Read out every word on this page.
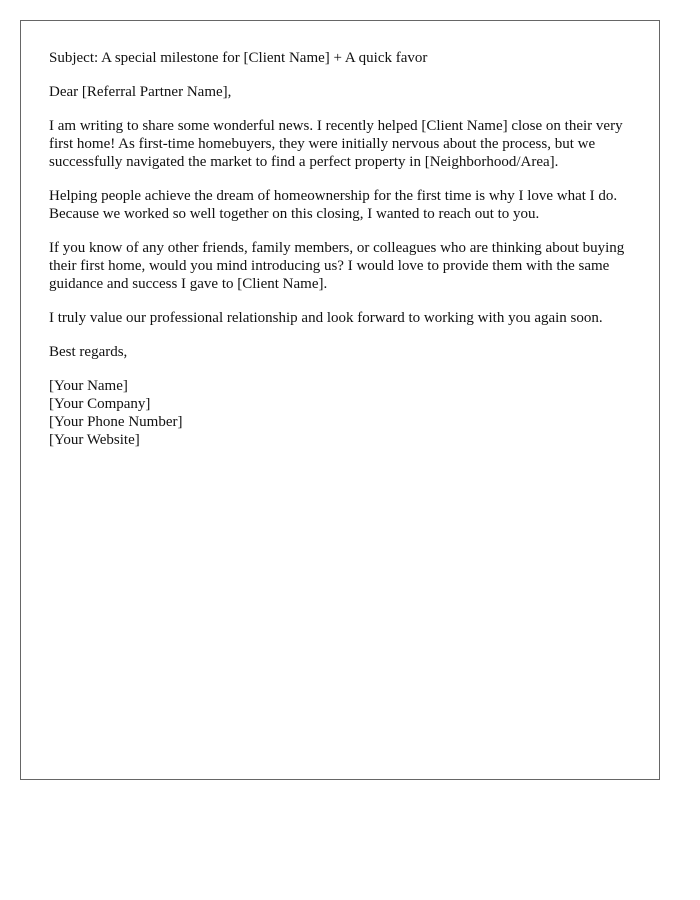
Subject: A special milestone for [Client Name] + A quick favor

Dear [Referral Partner Name],

I am writing to share some wonderful news. I recently helped [Client Name] close on their very first home! As first-time homebuyers, they were initially nervous about the process, but we successfully navigated the market to find a perfect property in [Neighborhood/Area].

Helping people achieve the dream of homeownership for the first time is why I love what I do. Because we worked so well together on this closing, I wanted to reach out to you.

If you know of any other friends, family members, or colleagues who are thinking about buying their first home, would you mind introducing us? I would love to provide them with the same guidance and success I gave to [Client Name].

I truly value our professional relationship and look forward to working with you again soon.

Best regards,

[Your Name]
[Your Company]
[Your Phone Number]
[Your Website]
